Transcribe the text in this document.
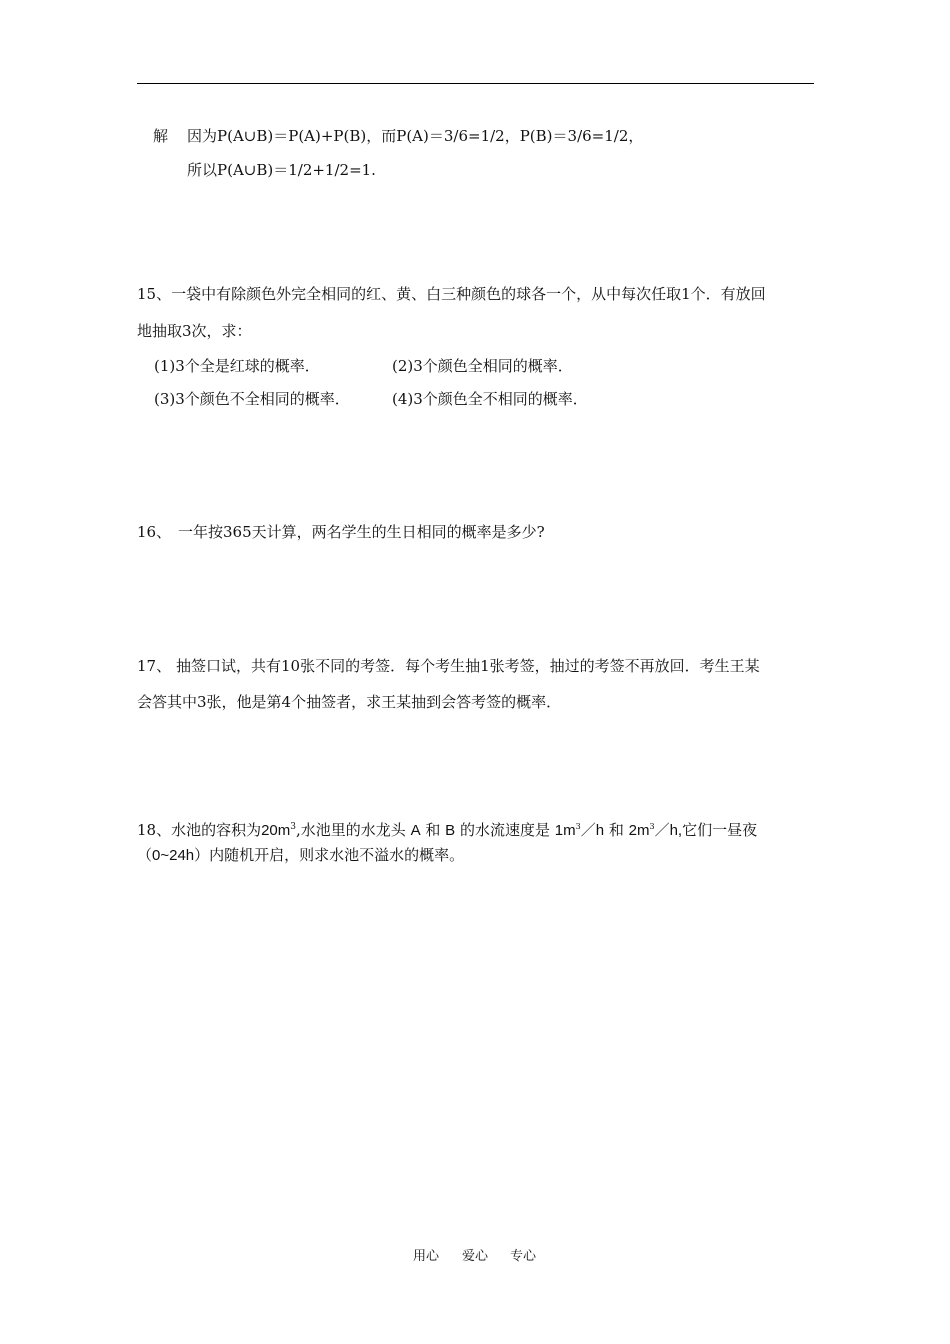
解 因为P(A∪B)＝P(A)+P(B)，而P(A)＝3/6=1/2，P(B)＝3/6=1/2，
所以P(A∪B)＝1/2+1/2=1.
15、一袋中有除颜色外完全相同的红、黄、白三种颜色的球各一个，从中每次任取1个．有放回
地抽取3次，求：
(1)3个全是红球的概率．	(2)3个颜色全相同的概率．
(3)3个颜色不全相同的概率．	(4)3个颜色全不相同的概率．
16、 一年按365天计算，两名学生的生日相同的概率是多少?
17、 抽签口试，共有10张不同的考签．每个考生抽1张考签，抽过的考签不再放回．考生王某
会答其中3张，他是第4个抽签者，求王某抽到会答考签的概率．
18、水池的容积为$20m^3$,水池里的水龙头 A 和 B 的水流速度是 $1m^3/h$ 和 $2m^3/h$,它们一昼夜
（0~24h）内随机开启，则求水池不溢水的概率。
用心 爱心 专心
